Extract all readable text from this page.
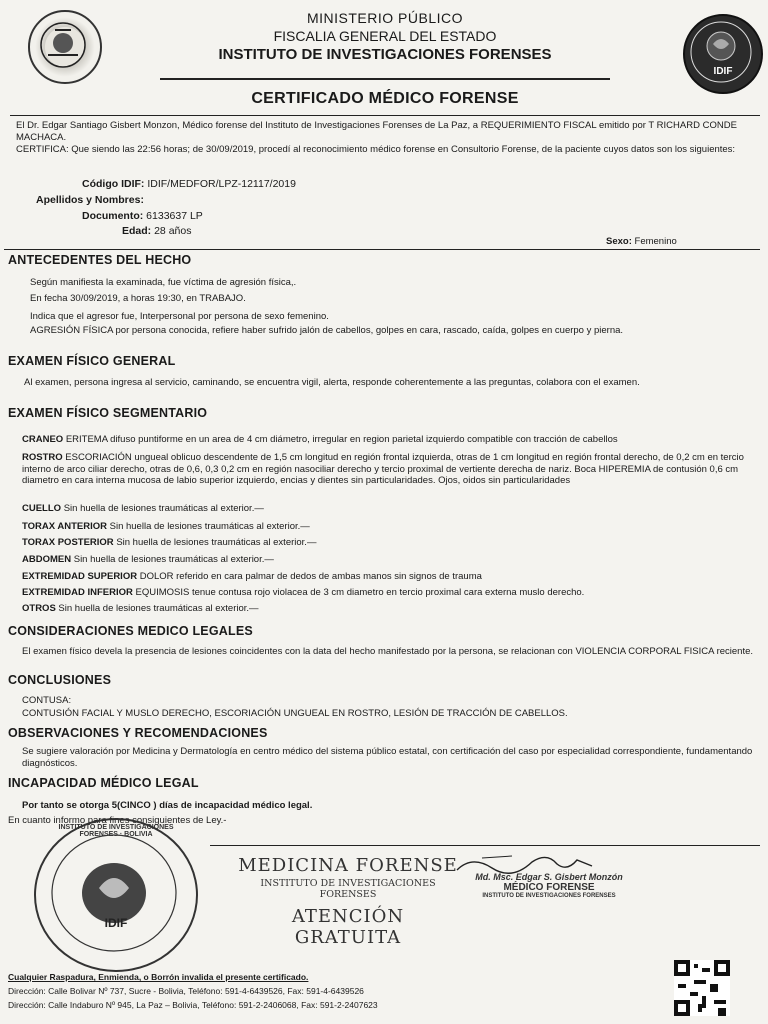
MINISTERIO PÚBLICO
FISCALIA GENERAL DEL ESTADO
INSTITUTO DE INVESTIGACIONES FORENSES
IDIF
CERTIFICADO MÉDICO FORENSE
El Dr. Edgar Santiago Gisbert Monzon, Médico forense del Instituto de Investigaciones Forenses de La Paz, a REQUERIMIENTO FISCAL emitido por T RICHARD CONDE MACHACA.
CERTIFICA: Que siendo las 22:56 horas; de 30/09/2019, procedí al reconocimiento médico forense en Consultorio Forense, de la paciente cuyos datos son los siguientes:
Código IDIF: IDIF/MEDFOR/LPZ-12117/2019
Apellidos y Nombres:
Documento: 6133637 LP
Edad: 28 años
Sexo: Femenino
ANTECEDENTES DEL HECHO
Según manifiesta la examinada, fue víctima de agresión física,.
En fecha 30/09/2019, a horas 19:30, en TRABAJO.
Indica que el agresor fue, Interpersonal por persona de sexo femenino.
AGRESIÓN FÍSICA por persona conocida, refiere haber sufrido jalón de cabellos, golpes en cara, rascado, caída, golpes en cuerpo y pierna.
EXAMEN FÍSICO GENERAL
Al examen, persona ingresa al servicio, caminando, se encuentra vigil, alerta, responde coherentemente a las preguntas, colabora con el examen.
EXAMEN FÍSICO SEGMENTARIO
CRANEO ERITEMA difuso puntiforme en un area de 4 cm diámetro, irregular en region parietal izquierdo compatible con tracción de cabellos
ROSTRO ESCORIACIÓN ungueal oblicuo descendente de 1,5 cm longitud en región frontal izquierda, otras de 1 cm longitud en región frontal derecho, de 0,2 cm en tercio interno de arco ciliar derecho, otras de 0,6, 0,3 0,2 cm en región nasociliar derecho y tercio proximal de vertiente derecha de nariz. Boca HIPEREMIA de contusión 0,6 cm diametro en cara interna mucosa de labio superior izquierdo, encias y dientes sin particularidades. Ojos, oidos sin particularidades
CUELLO Sin huella de lesiones traumáticas al exterior.—
TORAX ANTERIOR Sin huella de lesiones traumáticas al exterior.—
TORAX POSTERIOR Sin huella de lesiones traumáticas al exterior.—
ABDOMEN Sin huella de lesiones traumáticas al exterior.—
EXTREMIDAD SUPERIOR DOLOR referido en cara palmar de dedos de ambas manos sin signos de trauma
EXTREMIDAD INFERIOR EQUIMOSIS tenue contusa rojo violacea de 3 cm diametro en tercio proximal cara externa muslo derecho.
OTROS Sin huella de lesiones traumáticas al exterior.—
CONSIDERACIONES MEDICO LEGALES
El examen físico devela la presencia de lesiones coincidentes con la data del hecho manifestado por la persona, se relacionan con VIOLENCIA CORPORAL FISICA reciente.
CONCLUSIONES
CONTUSA:
CONTUSIÓN FACIAL Y MUSLO DERECHO, ESCORIACIÓN UNGUEAL EN ROSTRO, LESIÓN DE TRACCIÓN DE CABELLOS.
OBSERVACIONES Y RECOMENDACIONES
Se sugiere valoración por Medicina y Dermatología en centro médico del sistema público estatal, con certificación del caso por especialidad correspondiente, fundamentando diagnósticos.
INCAPACIDAD MÉDICO LEGAL
Por tanto se otorga 5(CINCO ) días de incapacidad médico legal.
En cuanto informo para fines consiguientes de Ley.-
INSTITUTO DE INVESTIGACIONES FORENSES · BOLIVIA
IDIF
MEDICINA FORENSE
INSTITUTO DE INVESTIGACIONES FORENSES
ATENCIÓN GRATUITA
Md. Msc. Edgar S. Gisbert Monzón
MÉDICO FORENSE
INSTITUTO DE INVESTIGACIONES FORENSES
Cualquier Raspadura, Enmienda, o Borrón invalida el presente certificado.
Dirección: Calle Bolivar Nº 737, Sucre - Bolivia, Teléfono: 591-4-6439526, Fax: 591-4-6439526
Dirección: Calle Indaburo Nº 945, La Paz – Bolivia, Teléfono: 591-2-2406068, Fax: 591-2-2407623
